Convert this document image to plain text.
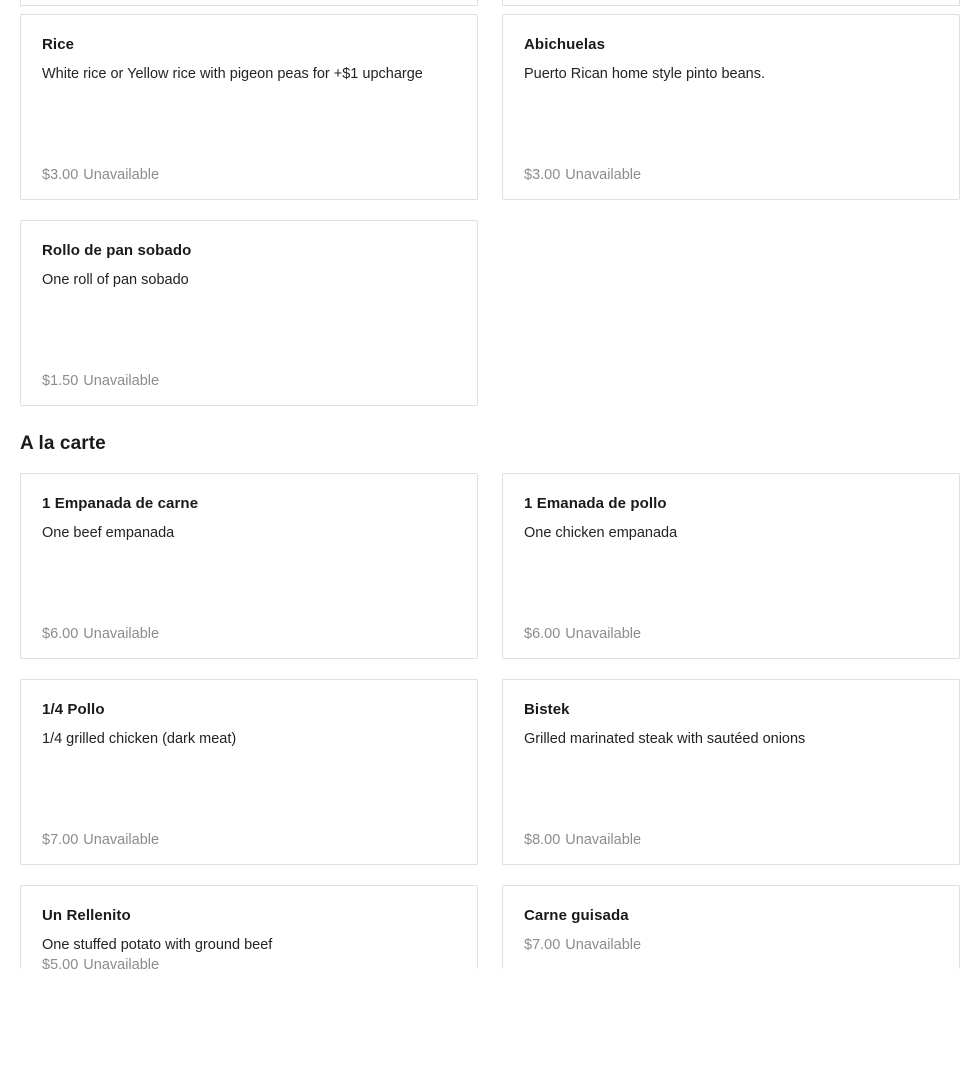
Rice
White rice or Yellow rice with pigeon peas for +$1 upcharge
$3.00 Unavailable
Abichuelas
Puerto Rican home style pinto beans.
$3.00 Unavailable
Rollo de pan sobado
One roll of pan sobado
$1.50 Unavailable
A la carte
1 Empanada de carne
One beef empanada
$6.00 Unavailable
1 Emanada de pollo
One chicken empanada
$6.00 Unavailable
1/4 Pollo
1/4 grilled chicken (dark meat)
$7.00 Unavailable
Bistek
Grilled marinated steak with sautéed onions
$8.00 Unavailable
Un Rellenito
One stuffed potato with ground beef
$5.00 Unavailable
Carne guisada
$7.00 Unavailable
